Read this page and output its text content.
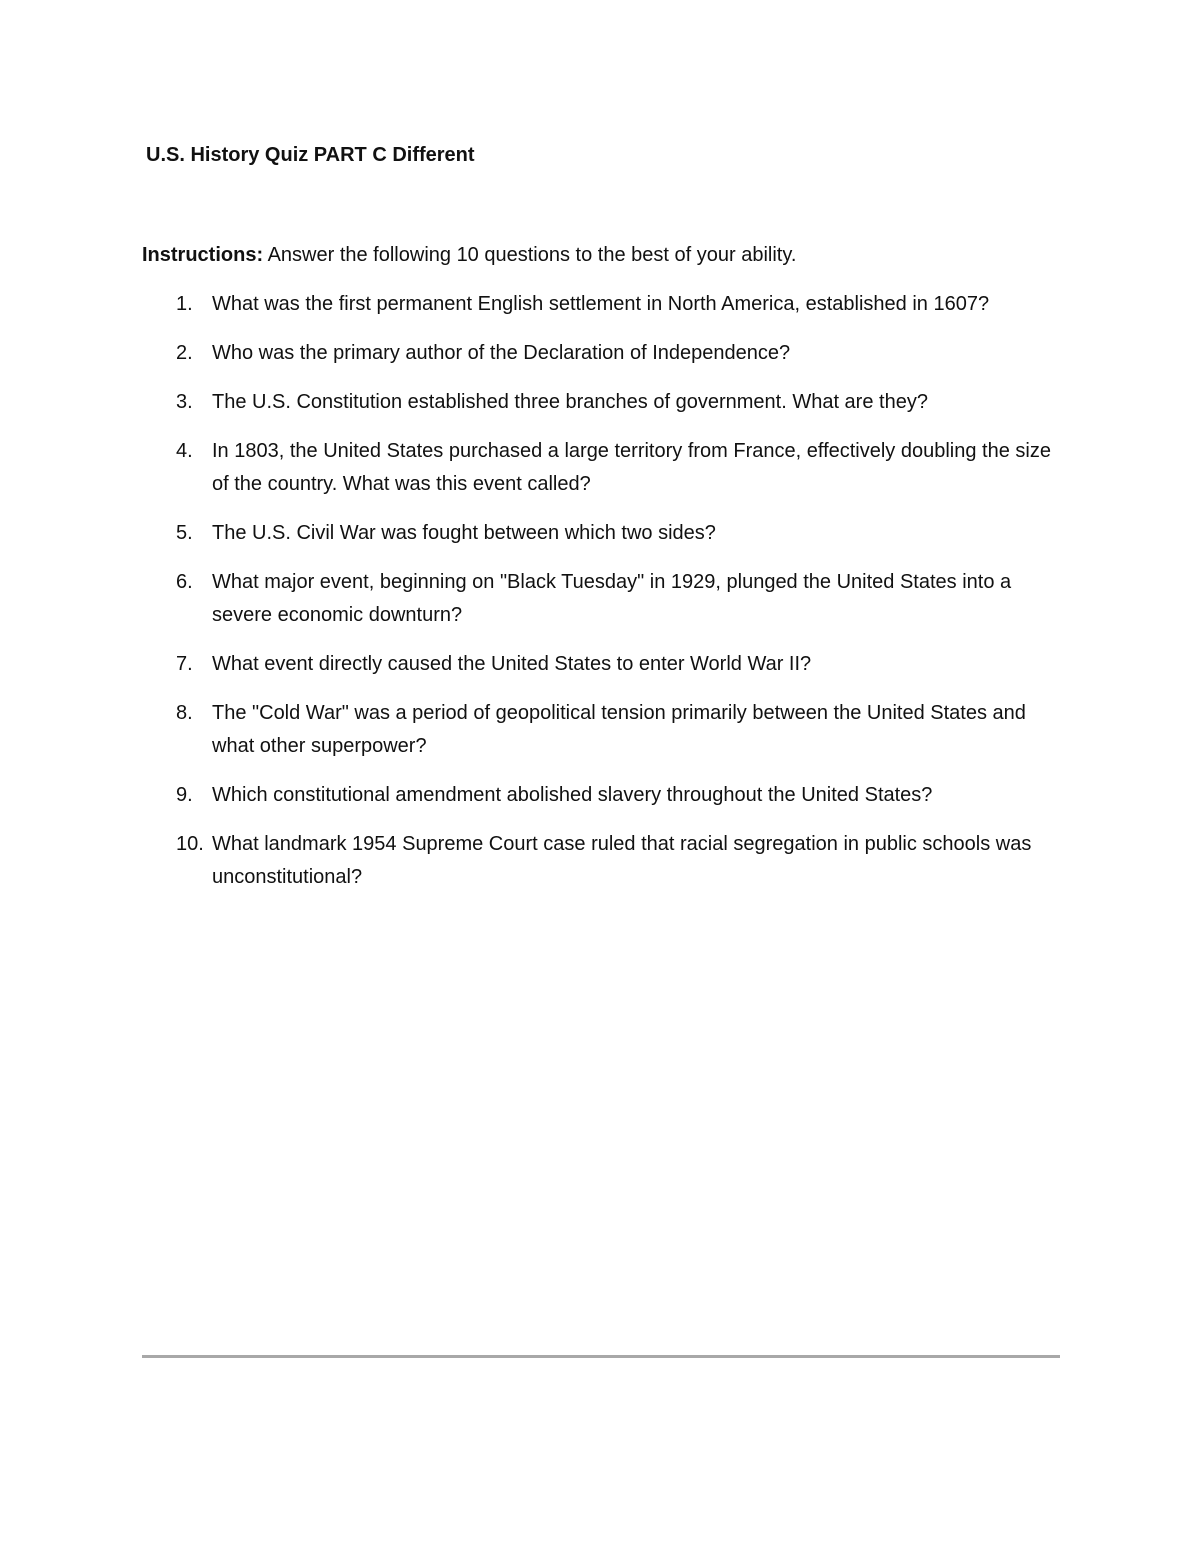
U.S. History Quiz PART C Different
Instructions: Answer the following 10 questions to the best of your ability.
1. What was the first permanent English settlement in North America, established in 1607?
2. Who was the primary author of the Declaration of Independence?
3. The U.S. Constitution established three branches of government. What are they?
4. In 1803, the United States purchased a large territory from France, effectively doubling the size of the country. What was this event called?
5. The U.S. Civil War was fought between which two sides?
6. What major event, beginning on "Black Tuesday" in 1929, plunged the United States into a severe economic downturn?
7. What event directly caused the United States to enter World War II?
8. The "Cold War" was a period of geopolitical tension primarily between the United States and what other superpower?
9. Which constitutional amendment abolished slavery throughout the United States?
10. What landmark 1954 Supreme Court case ruled that racial segregation in public schools was unconstitutional?
